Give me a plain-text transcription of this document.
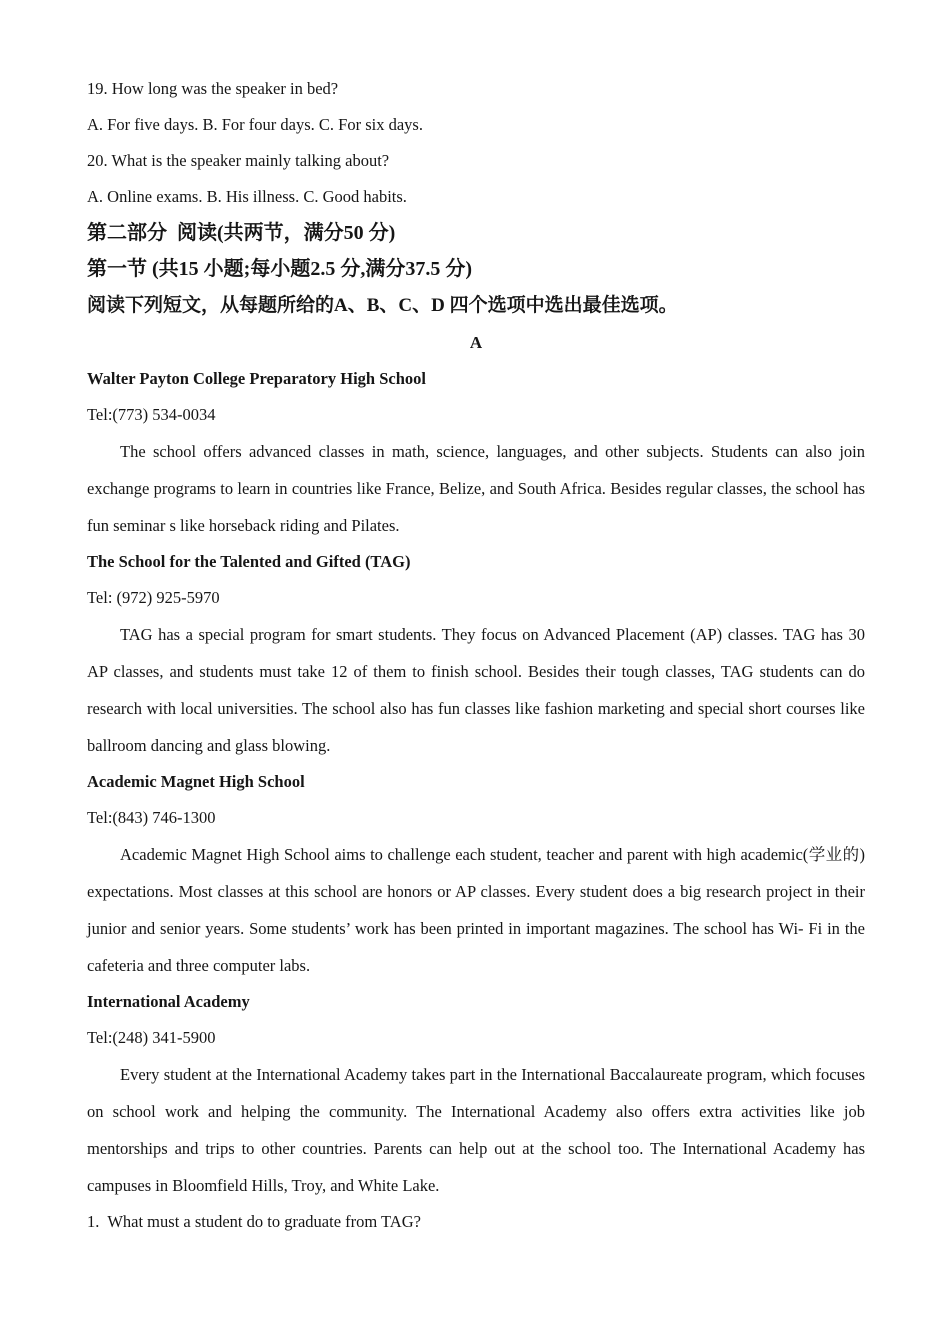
19. How long was the speaker in bed?

A. For five days. B. For four days. C. For six days.

20. What is the speaker mainly talking about?

A. Online exams. B. His illness. C. Good habits.

第二部分  阅读(共两节，满分50 分)

第一节 (共15 小题;每小题2.5 分,满分37.5 分)

阅读下列短文，从每题所给的A、B、C、D 四个选项中选出最佳选项。

A

Walter Payton College Preparatory High School

Tel:(773) 534-0034

The school offers advanced classes in math, science, languages, and other subjects. Students can also join exchange programs to learn in countries like France, Belize, and South Africa. Besides regular classes, the school has fun seminar s like horseback riding and Pilates.

The School for the Talented and Gifted (TAG)

Tel: (972) 925-5970

TAG has a special program for smart students. They focus on Advanced Placement (AP) classes. TAG has 30 AP classes, and students must take 12 of them to finish school. Besides their tough classes, TAG students can do research with local universities. The school also has fun classes like fashion marketing and special short courses like ballroom dancing and glass blowing.

Academic Magnet High School

Tel:(843) 746-1300

Academic Magnet High School aims to challenge each student, teacher and parent with high academic(学业的) expectations. Most classes at this school are honors or AP classes. Every student does a big research project in their junior and senior years. Some students’ work has been printed in important magazines. The school has Wi- Fi in the cafeteria and three computer labs.

International Academy

Tel:(248) 341-5900

Every student at the International Academy takes part in the International Baccalaureate program, which focuses on school work and helping the community. The International Academy also offers extra activities like job mentorships and trips to other countries. Parents can help out at the school too. The International Academy has campuses in Bloomfield Hills, Troy, and White Lake.

1.  What must a student do to graduate from TAG?
